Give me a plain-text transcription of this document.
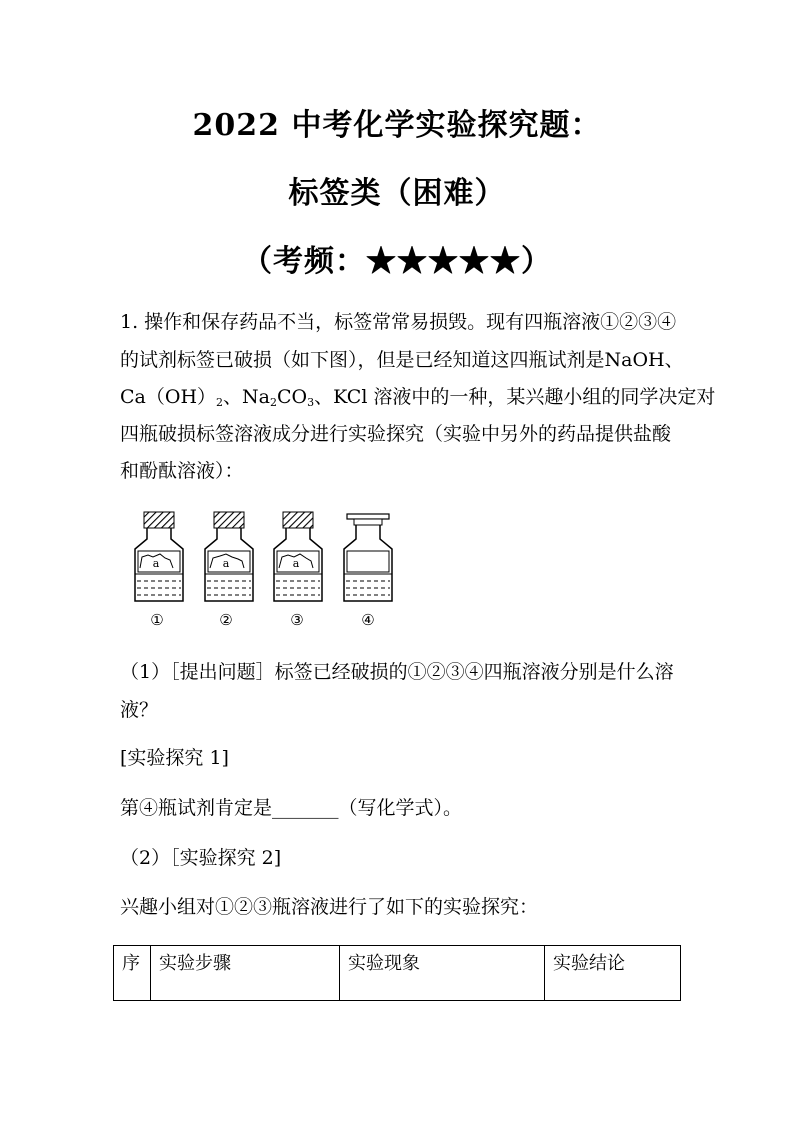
2022 中考化学实验探究题：
标签类（困难）
（考频：★★★★★）
1. 操作和保存药品不当，标签常常易损毁。现有四瓶溶液①②③④
的试剂标签已破损（如下图），但是已经知道这四瓶试剂是NaOH、
$Ca(OH)_2$、$Na_2CO_3$、KCl 溶液中的一种，某兴趣小组的同学决定对
四瓶破损标签溶液成分进行实验探究（实验中另外的药品提供盐酸
和酚酞溶液）：
a
①
a
②
a
③	④
（1）［提出问题］标签已经破损的①②③④四瓶溶液分别是什么溶
液？
[实验探究 1]
第④瓶试剂肯定是_______（写化学式）。
（2）［实验探究 2]
兴趣小组对①②③瓶溶液进行了如下的实验探究：
序	实验步骤	实验现象	实验结论
